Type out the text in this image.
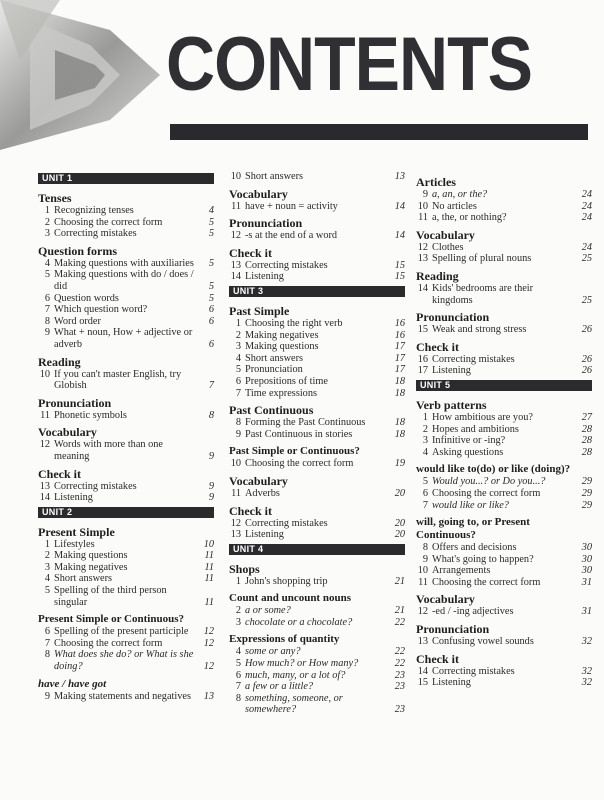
CONTENTS
UNIT 1
Tenses
1 Recognizing tenses	4
2 Choosing the correct form	5
3 Correcting mistakes	5
Question forms
4 Making questions with auxiliaries	5
5 Making questions with do / does / did	5
6 Question words	5
7 Which question word?	6
8 Word order	6
9 What + noun, How + adjective or adverb	6
Reading
10 If you can't master English, try Globish	7
Pronunciation
11 Phonetic symbols	8
Vocabulary
12 Words with more than one meaning	9
Check it
13 Correcting mistakes	9
14 Listening	9
UNIT 2
Present Simple
1 Lifestyles	10
2 Making questions	11
3 Making negatives	11
4 Short answers	11
5 Spelling of the third person singular	11
Present Simple or Continuous?
6 Spelling of the present participle	12
7 Choosing the correct form	12
8 What does she do? or What is she doing?	12
have / have got
9 Making statements and negatives	13
10 Short answers	13
Vocabulary
11 have + noun = activity	14
Pronunciation
12 -s at the end of a word	14
Check it
13 Correcting mistakes	15
14 Listening	15
UNIT 3
Past Simple
1 Choosing the right verb	16
2 Making negatives	16
3 Making questions	17
4 Short answers	17
5 Pronunciation	17
6 Prepositions of time	18
7 Time expressions	18
Past Continuous
8 Forming the Past Continuous	18
9 Past Continuous in stories	18
Past Simple or Continuous?
10 Choosing the correct form	19
Vocabulary
11 Adverbs	20
Check it
12 Correcting mistakes	20
13 Listening	20
UNIT 4
Shops
1 John's shopping trip	21
Count and uncount nouns
2 a or some?	21
3 chocolate or a chocolate?	22
Expressions of quantity
4 some or any?	22
5 How much? or How many?	22
6 much, many, or a lot of?	23
7 a few or a little?	23
8 something, someone, or somewhere?	23
Articles
9 a, an, or the?	24
10 No articles	24
11 a, the, or nothing?	24
Vocabulary
12 Clothes	24
13 Spelling of plural nouns	25
Reading
14 Kids' bedrooms are their kingdoms	25
Pronunciation
15 Weak and strong stress	26
Check it
16 Correcting mistakes	26
17 Listening	26
UNIT 5
Verb patterns
1 How ambitious are you?	27
2 Hopes and ambitions	28
3 Infinitive or -ing?	28
4 Asking questions	28
would like to(do) or like (doing)?
5 Would you...? or Do you...?	29
6 Choosing the correct form	29
7 would like or like?	29
will, going to, or Present Continuous?
8 Offers and decisions	30
9 What's going to happen?	30
10 Arrangements	30
11 Choosing the correct form	31
Vocabulary
12 -ed / -ing adjectives	31
Pronunciation
13 Confusing vowel sounds	32
Check it
14 Correcting mistakes	32
15 Listening	32
